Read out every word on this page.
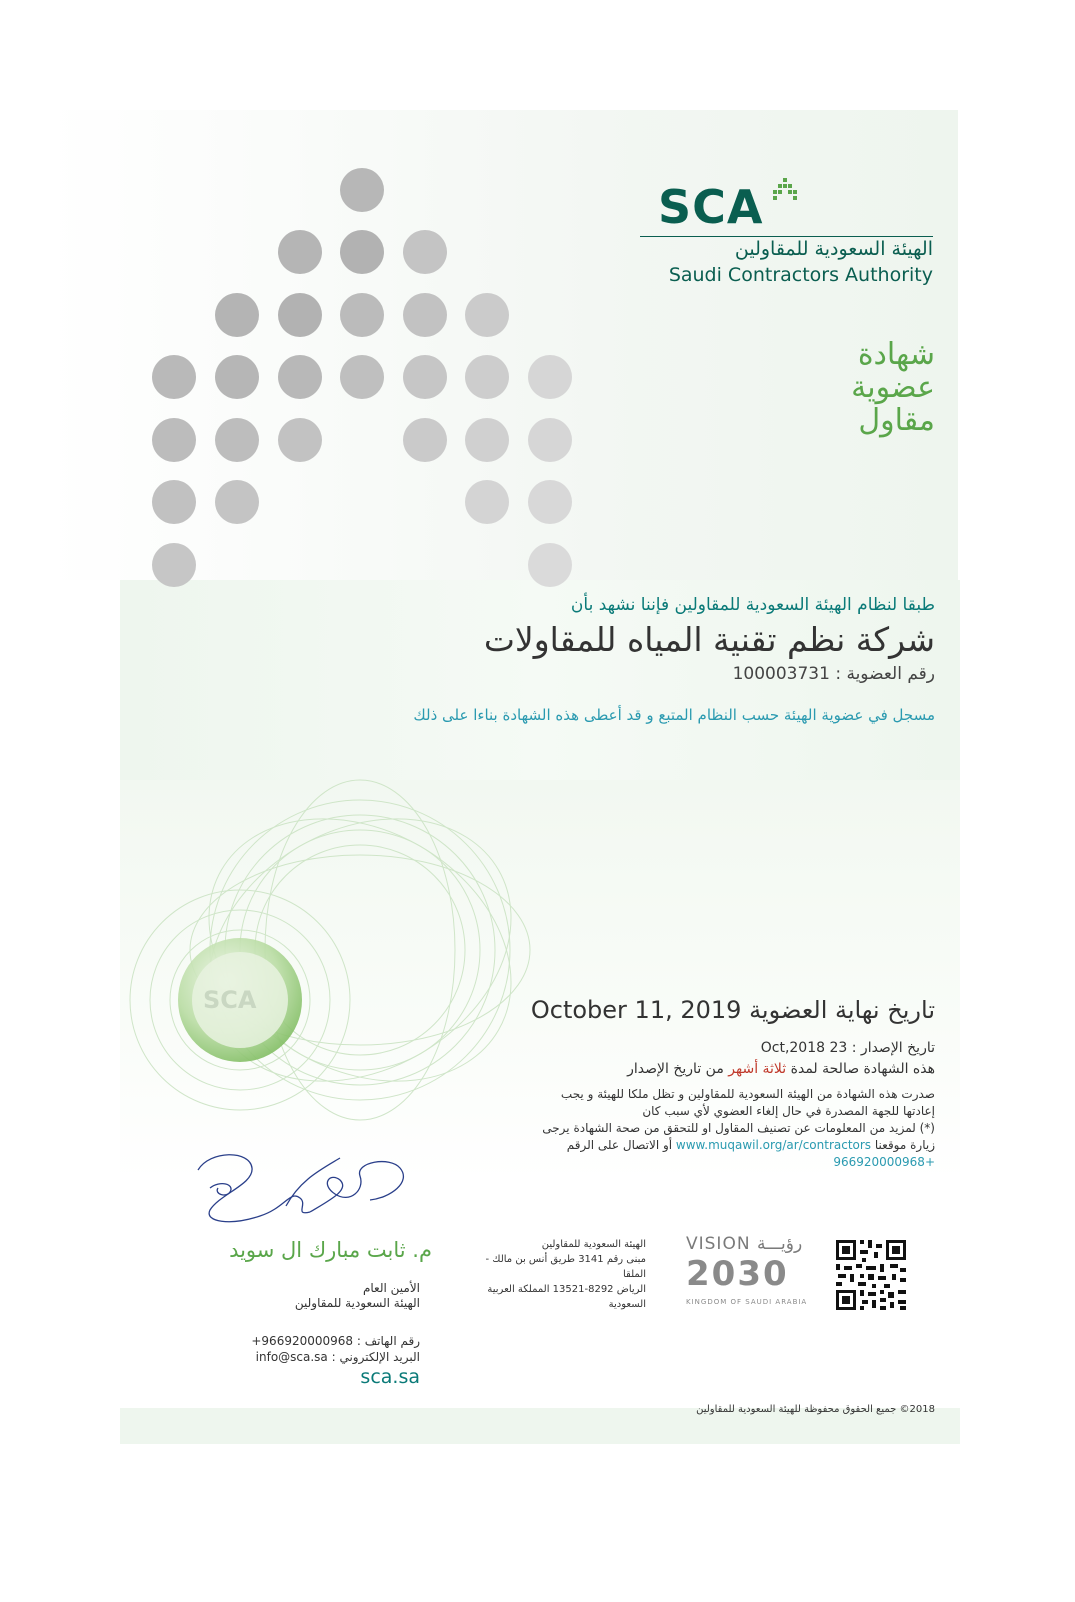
SCA
SCA
الهيئة السعودية للمقاولين
Saudi Contractors Authority
شهادة
عضوية
مقاول
طبقا لنظام الهيئة السعودية للمقاولين فإننا نشهد بأن
شركة نظم تقنية المياه للمقاولات
رقم العضوية : 100003731
مسجل في عضوية الهيئة حسب النظام المتبع و قد أعطى هذه الشهادة بناءا على ذلك
تاريخ نهاية العضوية October 11, 2019
تاريخ الإصدار : 23 Oct,2018
هذه الشهادة صالحة لمدة ثلاثة أشهر من تاريخ الإصدار
صدرت هذه الشهادة من الهيئة السعودية للمقاولين و تظل ملكا للهيئة و يجب
إعادتها للجهة المصدرة في حال إلغاء العضوي لأي سبب كان
(*) لمزيد من المعلومات عن تصنيف المقاول او للتحقق من صحة الشهادة يرجى
زيارة موقعنا www.muqawil.org/ar/contractors أو الاتصال على الرقم
966920000968+
م. ثابت مبارك ال سويد
الأمين العام
الهيئة السعودية للمقاولين
رقم الهاتف : 966920000968+
البريد الإلكتروني : info@sca.sa
sca.sa
الهيئة السعودية للمقاولين
مبنى رقم 3141 طريق أنس بن مالك -
الملقا
الرياض 8292-13521 المملكة العربية
السعودية
VISION رؤيـــة
2030
KINGDOM OF SAUDI ARABIA
2018© جميع الحقوق محفوظة للهيئة السعودية للمقاولين
